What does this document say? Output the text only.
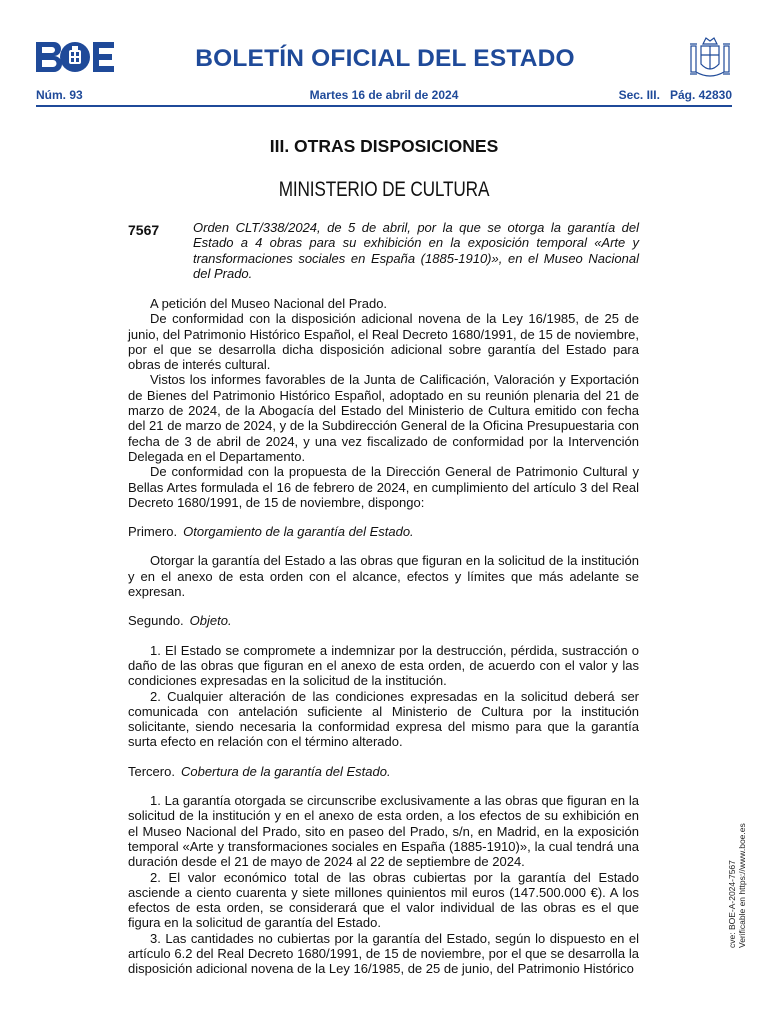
BOLETÍN OFICIAL DEL ESTADO
Núm. 93	Martes 16 de abril de 2024	Sec. III. Pág. 42830
III. OTRAS DISPOSICIONES
MINISTERIO DE CULTURA
7567	Orden CLT/338/2024, de 5 de abril, por la que se otorga la garantía del Estado a 4 obras para su exhibición en la exposición temporal «Arte y transformaciones sociales en España (1885-1910)», en el Museo Nacional del Prado.

A petición del Museo Nacional del Prado.

De conformidad con la disposición adicional novena de la Ley 16/1985, de 25 de junio, del Patrimonio Histórico Español, el Real Decreto 1680/1991, de 15 de noviembre, por el que se desarrolla dicha disposición adicional sobre garantía del Estado para obras de interés cultural.

Vistos los informes favorables de la Junta de Calificación, Valoración y Exportación de Bienes del Patrimonio Histórico Español, adoptado en su reunión plenaria del 21 de marzo de 2024, de la Abogacía del Estado del Ministerio de Cultura emitido con fecha del 21 de marzo de 2024, y de la Subdirección General de la Oficina Presupuestaria con fecha de 3 de abril de 2024, y una vez fiscalizado de conformidad por la Intervención Delegada en el Departamento.

De conformidad con la propuesta de la Dirección General de Patrimonio Cultural y Bellas Artes formulada el 16 de febrero de 2024, en cumplimiento del artículo 3 del Real Decreto 1680/1991, de 15 de noviembre, dispongo:

Primero. Otorgamiento de la garantía del Estado.

Otorgar la garantía del Estado a las obras que figuran en la solicitud de la institución y en el anexo de esta orden con el alcance, efectos y límites que más adelante se expresan.

Segundo. Objeto.

1. El Estado se compromete a indemnizar por la destrucción, pérdida, sustracción o daño de las obras que figuran en el anexo de esta orden, de acuerdo con el valor y las condiciones expresadas en la solicitud de la institución.

2. Cualquier alteración de las condiciones expresadas en la solicitud deberá ser comunicada con antelación suficiente al Ministerio de Cultura por la institución solicitante, siendo necesaria la conformidad expresa del mismo para que la garantía surta efecto en relación con el término alterado.

Tercero. Cobertura de la garantía del Estado.

1. La garantía otorgada se circunscribe exclusivamente a las obras que figuran en la solicitud de la institución y en el anexo de esta orden, a los efectos de su exhibición en el Museo Nacional del Prado, sito en paseo del Prado, s/n, en Madrid, en la exposición temporal «Arte y transformaciones sociales en España (1885-1910)», la cual tendrá una duración desde el 21 de mayo de 2024 al 22 de septiembre de 2024.

2. El valor económico total de las obras cubiertas por la garantía del Estado asciende a ciento cuarenta y siete millones quinientos mil euros (147.500.000 €). A los efectos de esta orden, se considerará que el valor individual de las obras es el que figura en la solicitud de garantía del Estado.

3. Las cantidades no cubiertas por la garantía del Estado, según lo dispuesto en el artículo 6.2 del Real Decreto 1680/1991, de 15 de noviembre, por el que se desarrolla la disposición adicional novena de la Ley 16/1985, de 25 de junio, del Patrimonio Histórico

cve: BOE-A-2024-7567 Verificable en https://www.boe.es
